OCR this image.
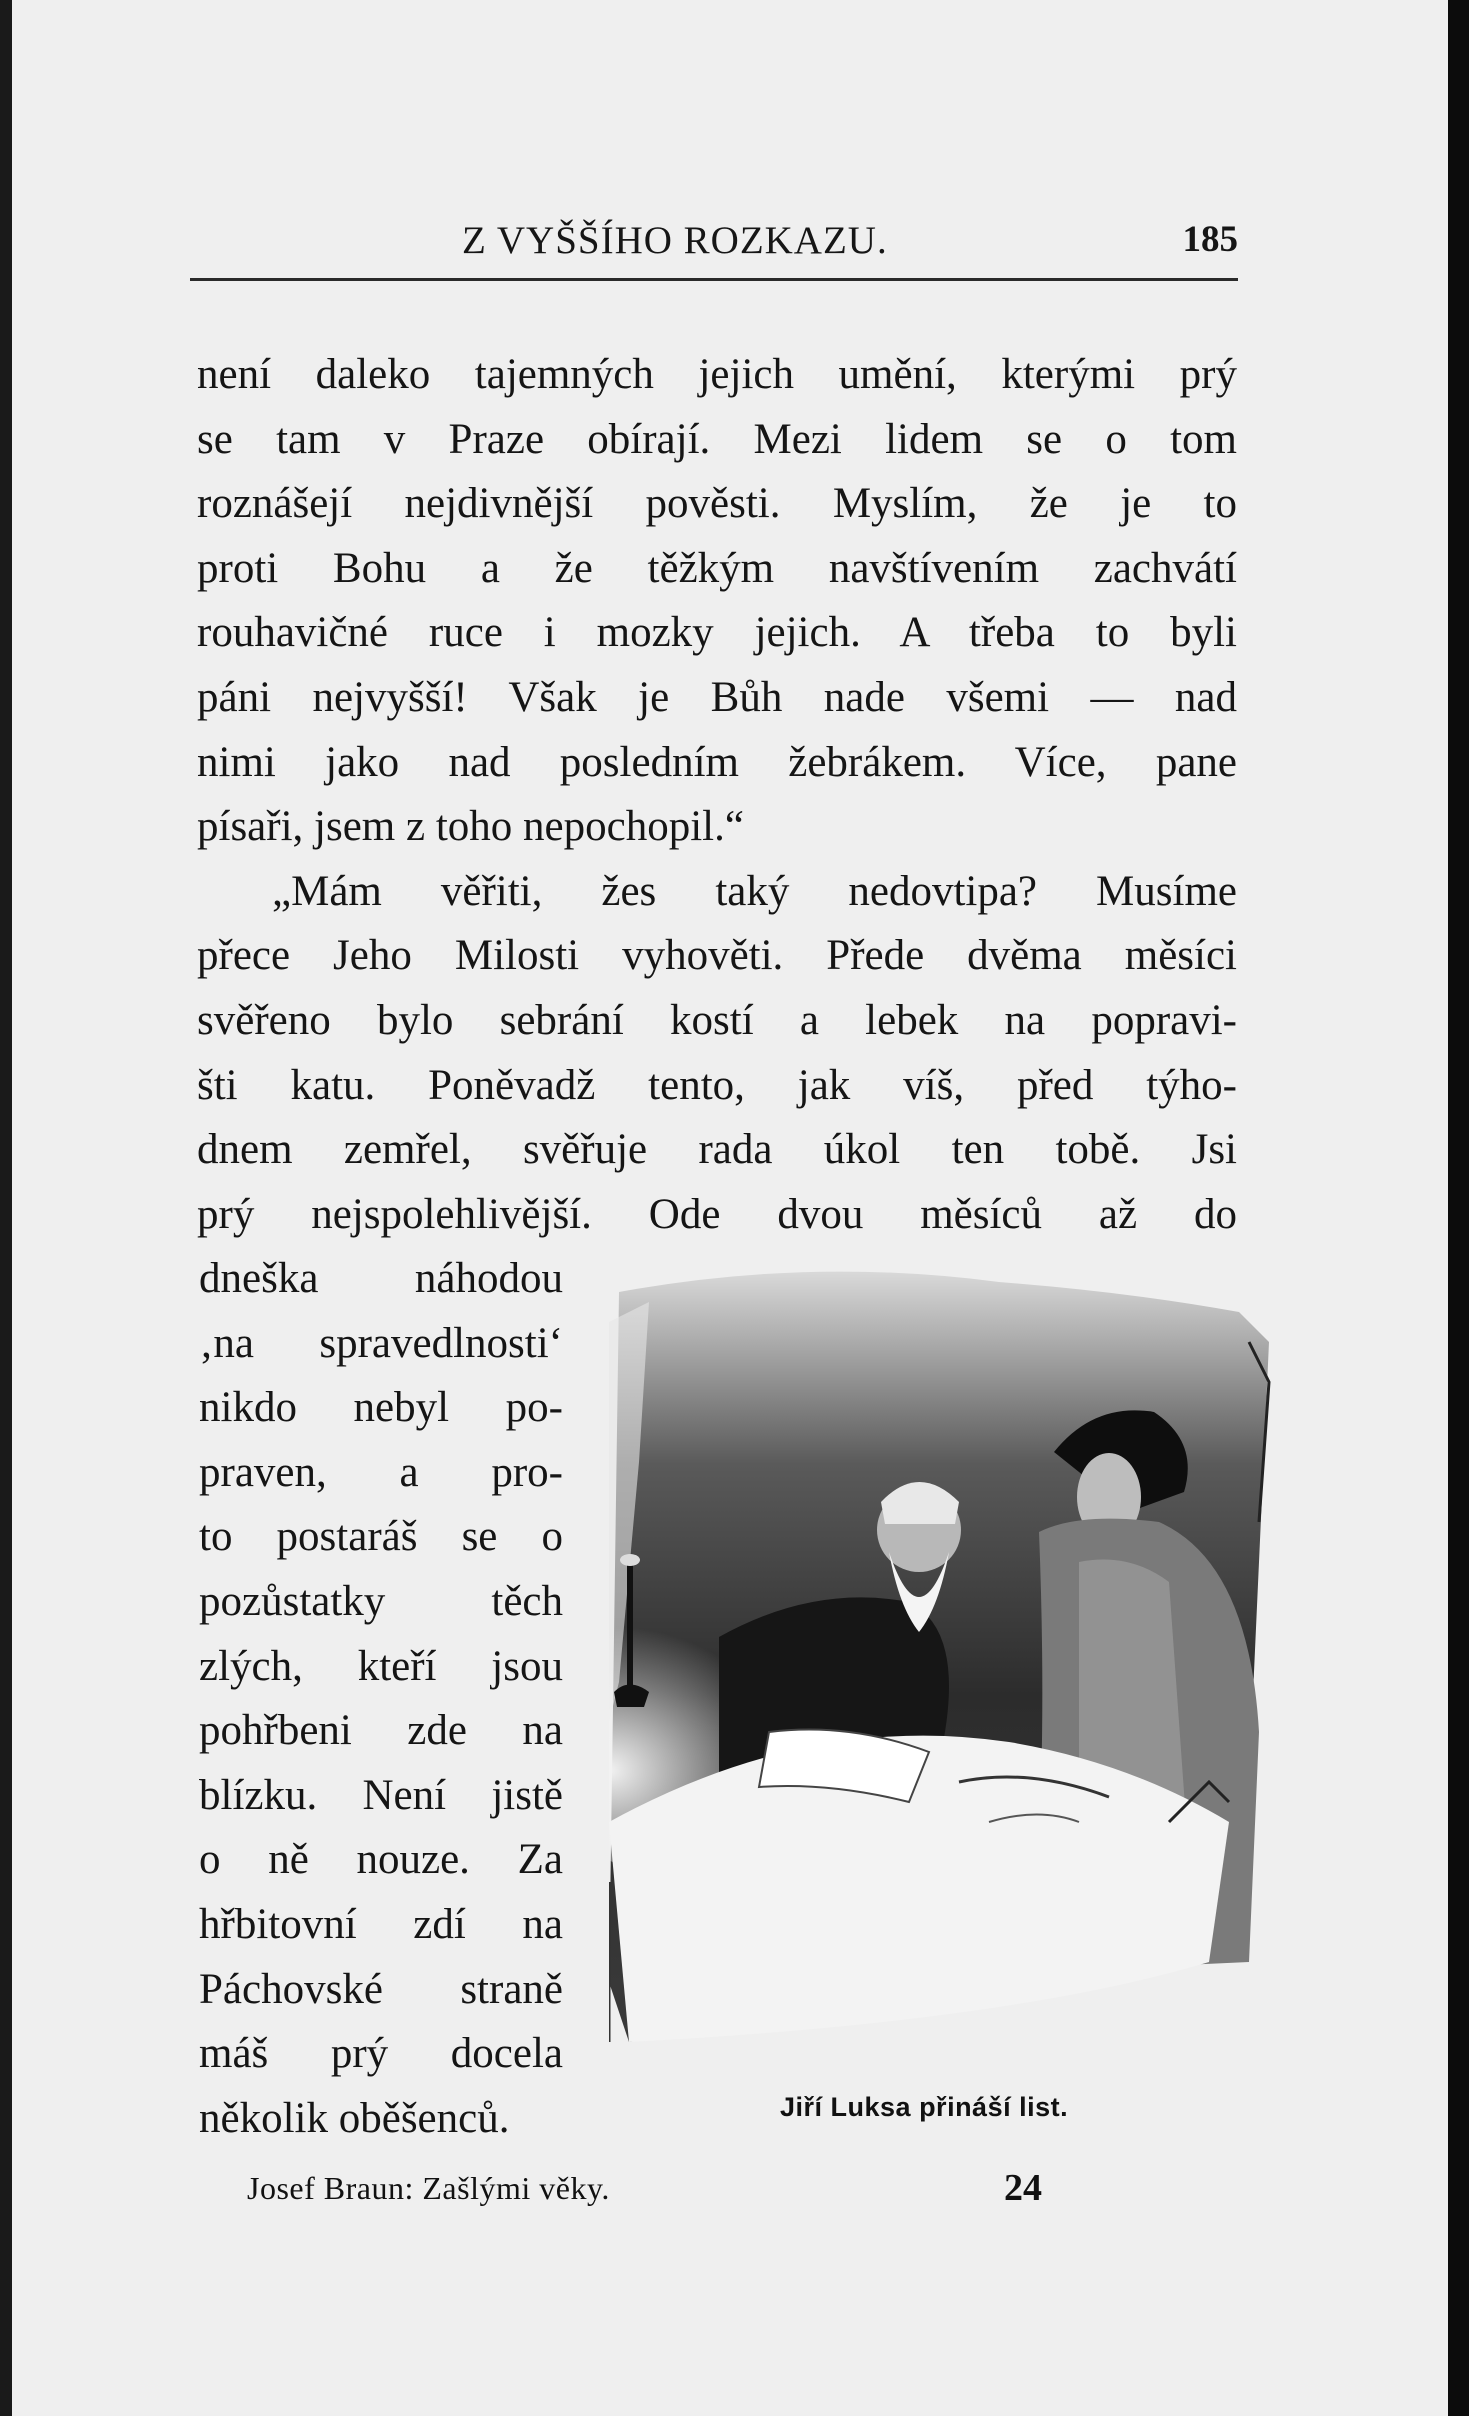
Z VYŠŠÍHO ROZKAZU.	185
není daleko tajemných jejich umění, kterými prý
se tam v Praze obírají. Mezi lidem se o tom
roznášejí nejdivnější pověsti. Myslím, že je to
proti Bohu a že těžkým navštívením zachvátí
rouhavičné ruce i mozky jejich. A třeba to byli
páni nejvyšší! Však je Bůh nade všemi — nad
nimi jako nad posledním žebrákem. Více, pane
písaři, jsem z toho nepochopil.“
„Mám věřiti, žes taký nedovtipa? Musíme
přece Jeho Milosti vyhověti. Přede dvěma měsíci
svěřeno bylo sebrání kostí a lebek na popravi-
šti katu. Poněvadž tento, jak víš, před týho-
dnem zemřel, svěřuje rada úkol ten tobě. Jsi
prý nejspolehlivější. Ode dvou měsíců až do
dneška náhodou
‚na spravedlnosti‘
nikdo nebyl po-
praven, a pro-
to postaráš se o
pozůstatky těch
zlých, kteří jsou
pohřbeni zde na
blízku. Není jistě
o ně nouze. Za
hřbitovní zdí na
Páchovské straně
máš prý docela
několik oběšenců.	Jiří Luksa přináší list.
Josef Braun: Zašlými věky.	24
